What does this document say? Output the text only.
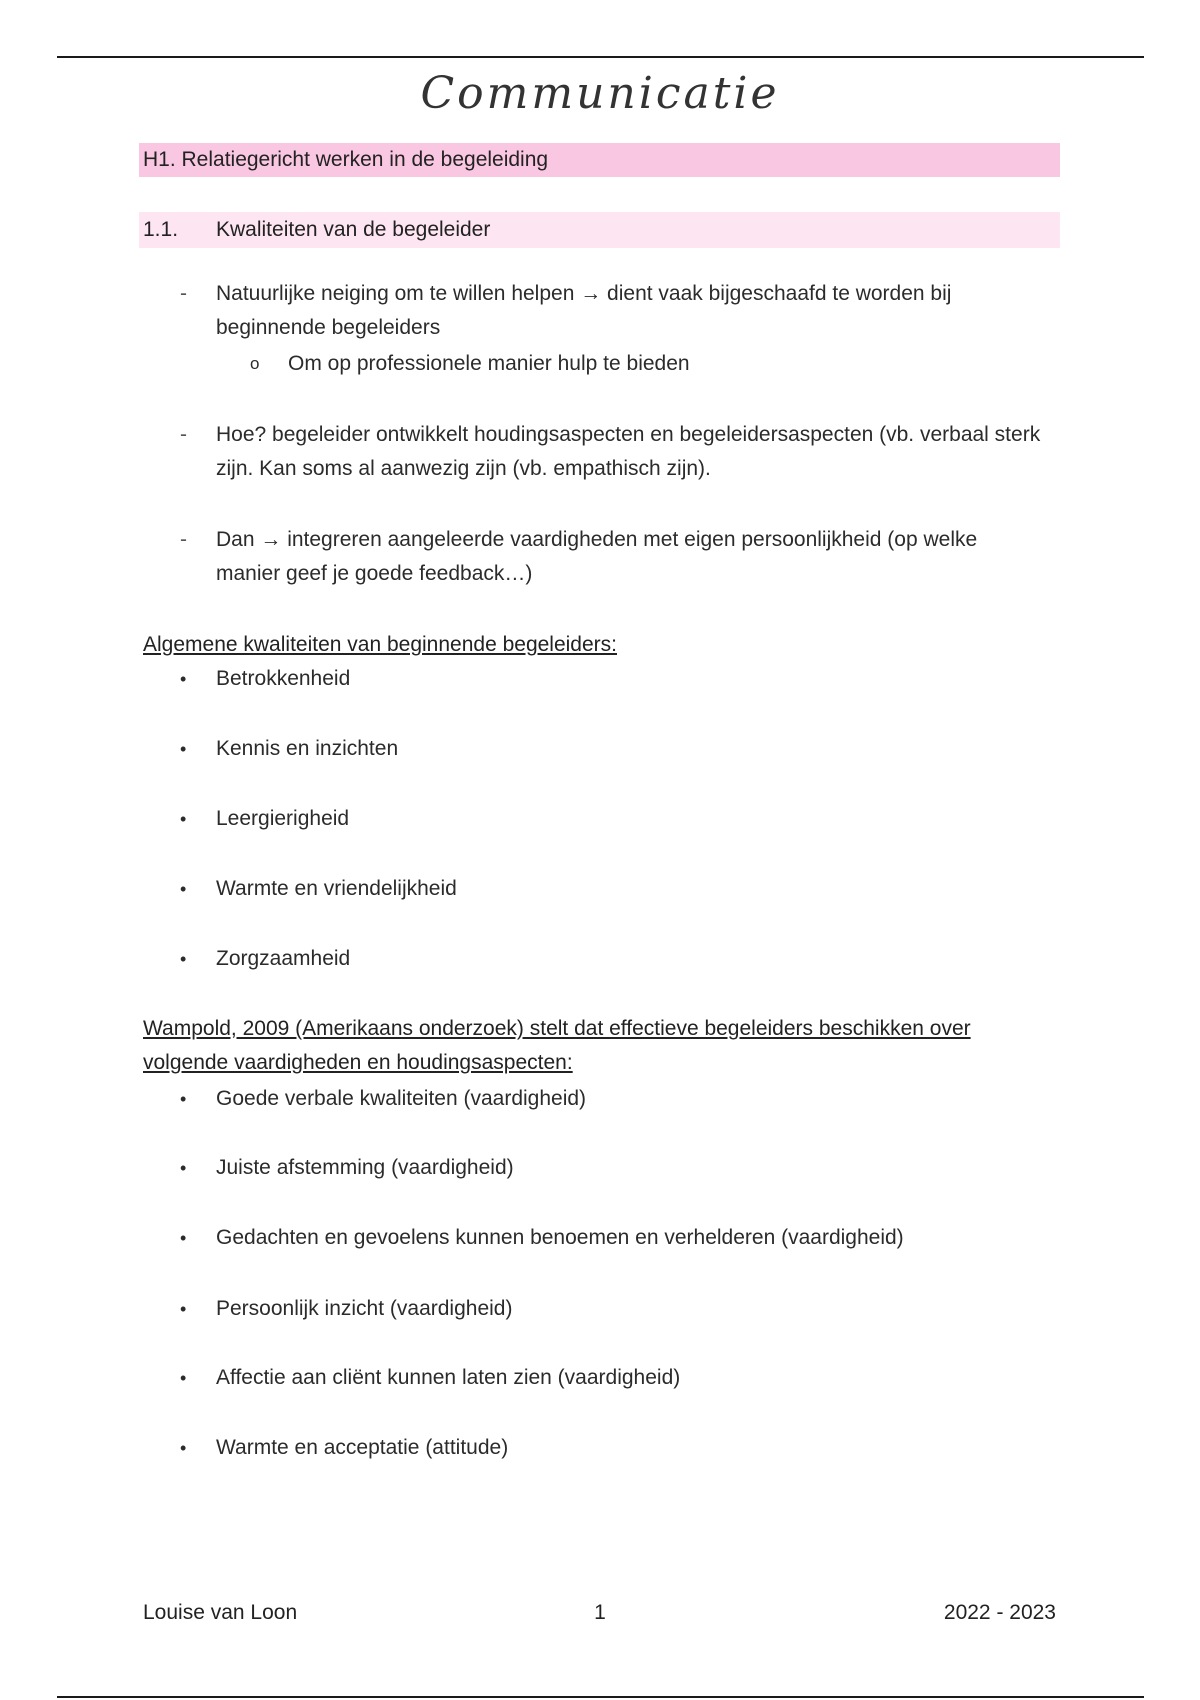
Communicatie
H1. Relatiegericht werken in de begeleiding
1.1. Kwaliteiten van de begeleider
- Natuurlijke neiging om te willen helpen → dient vaak bijgeschaafd te worden bij beginnende begeleiders
o Om op professionele manier hulp te bieden
- Hoe? begeleider ontwikkelt houdingsaspecten en begeleidersaspecten (vb. verbaal sterk zijn. Kan soms al aanwezig zijn (vb. empathisch zijn).
- Dan → integreren aangeleerde vaardigheden met eigen persoonlijkheid (op welke manier geef je goede feedback…)
Algemene kwaliteiten van beginnende begeleiders:
• Betrokkenheid
• Kennis en inzichten
• Leergierigheid
• Warmte en vriendelijkheid
• Zorgzaamheid
Wampold, 2009 (Amerikaans onderzoek) stelt dat effectieve begeleiders beschikken over volgende vaardigheden en houdingsaspecten:
• Goede verbale kwaliteiten (vaardigheid)
• Juiste afstemming (vaardigheid)
• Gedachten en gevoelens kunnen benoemen en verhelderen (vaardigheid)
• Persoonlijk inzicht (vaardigheid)
• Affectie aan cliënt kunnen laten zien (vaardigheid)
• Warmte en acceptatie (attitude)
Louise van Loon	1	2022 - 2023
